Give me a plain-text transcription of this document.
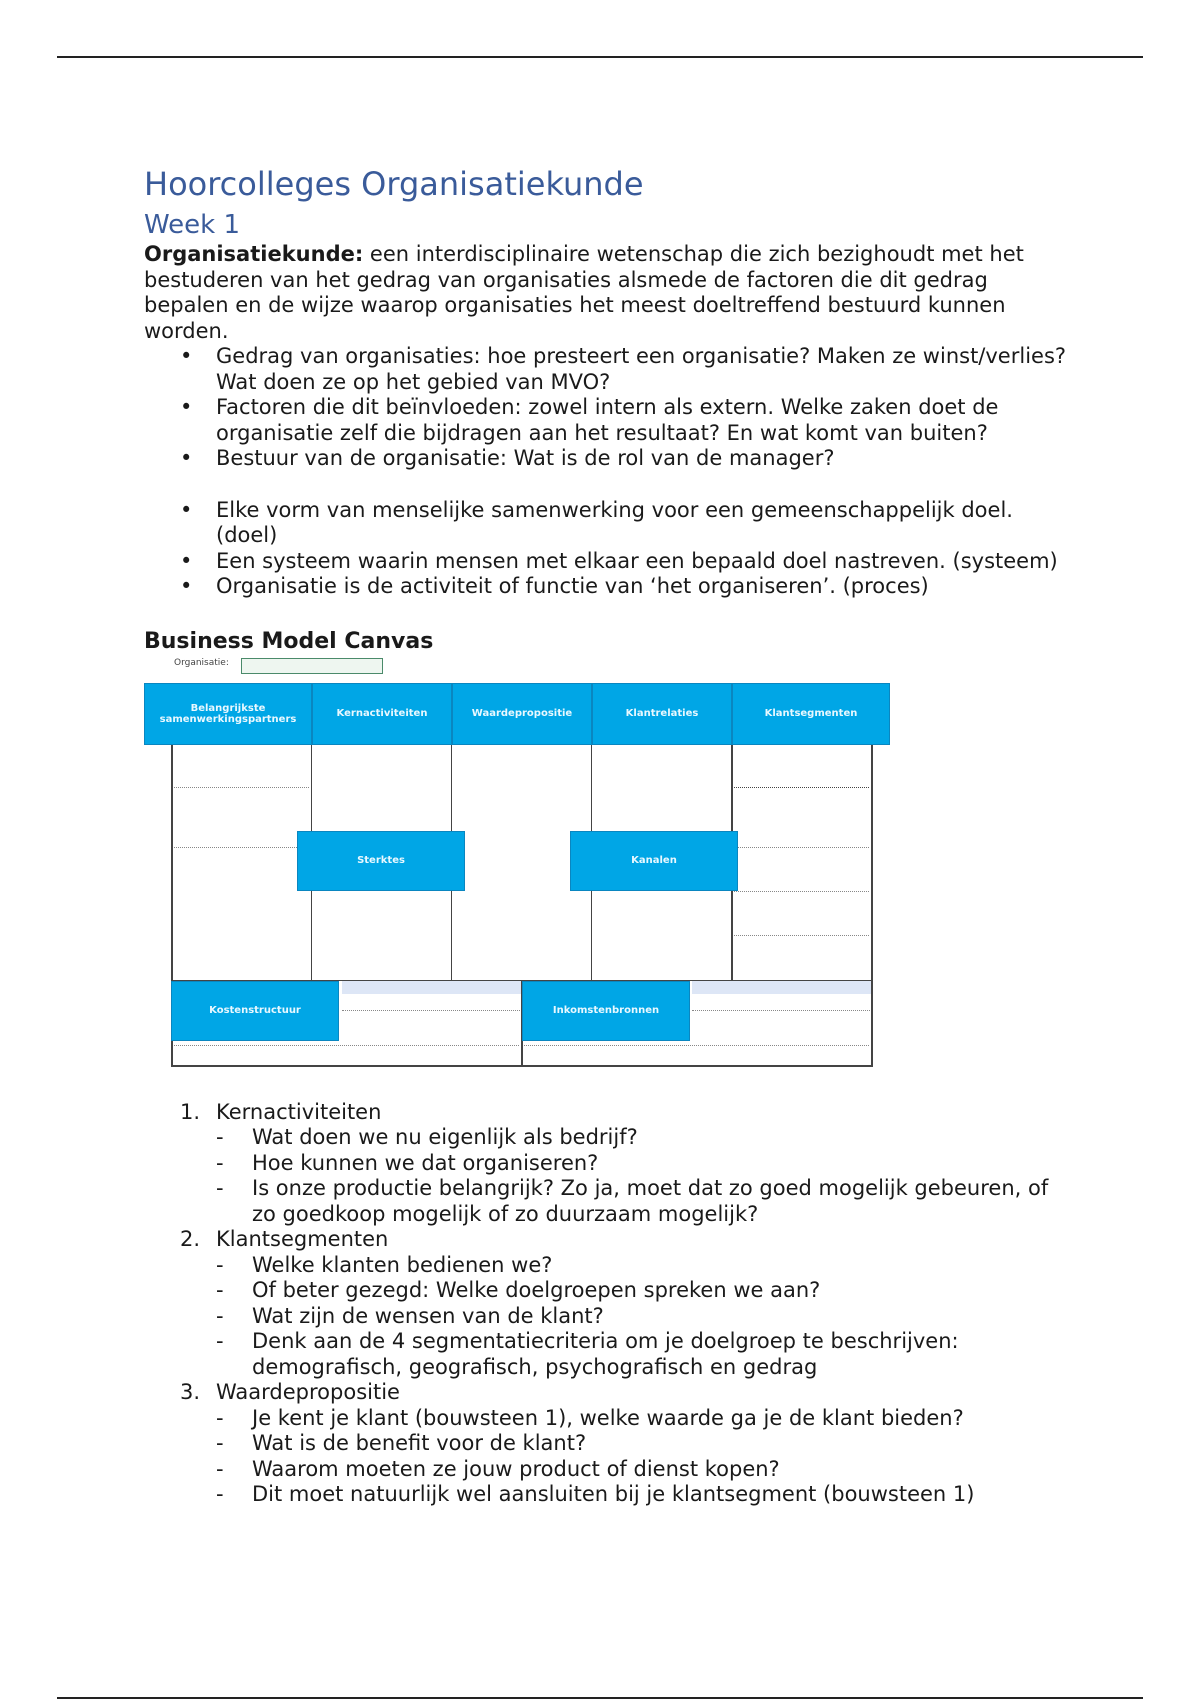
Hoorcolleges Organisatiekunde
Week 1

Organisatiekunde: een interdisciplinaire wetenschap die zich bezighoudt met het bestuderen van het gedrag van organisaties alsmede de factoren die dit gedrag bepalen en de wijze waarop organisaties het meest doeltreffend bestuurd kunnen worden.

• Gedrag van organisaties: hoe presteert een organisatie? Maken ze winst/verlies? Wat doen ze op het gebied van MVO?
• Factoren die dit beïnvloeden: zowel intern als extern. Welke zaken doet de organisatie zelf die bijdragen aan het resultaat? En wat komt van buiten?
• Bestuur van de organisatie: Wat is de rol van de manager?
• Elke vorm van menselijke samenwerking voor een gemeenschappelijk doel. (doel)
• Een systeem waarin mensen met elkaar een bepaald doel nastreven. (systeem)
• Organisatie is de activiteit of functie van ‘het organiseren’. (proces)
Business Model Canvas
Organisatie:
Belangrijkste samenwerkingspartners	Kernactiviteiten	Waardepropositie	Klantrelaties	Klantsegmenten
Sterktes	Kanalen
Kostenstructuur	Inkomstenbronnen
1. Kernactiviteiten
- Wat doen we nu eigenlijk als bedrijf?
- Hoe kunnen we dat organiseren?
- Is onze productie belangrijk? Zo ja, moet dat zo goed mogelijk gebeuren, of zo goedkoop mogelijk of zo duurzaam mogelijk?
2. Klantsegmenten
- Welke klanten bedienen we?
- Of beter gezegd: Welke doelgroepen spreken we aan?
- Wat zijn de wensen van de klant?
- Denk aan de 4 segmentatiecriteria om je doelgroep te beschrijven: demografisch, geografisch, psychografisch en gedrag
3. Waardepropositie
- Je kent je klant (bouwsteen 1), welke waarde ga je de klant bieden?
- Wat is de benefit voor de klant?
- Waarom moeten ze jouw product of dienst kopen?
- Dit moet natuurlijk wel aansluiten bij je klantsegment (bouwsteen 1)
